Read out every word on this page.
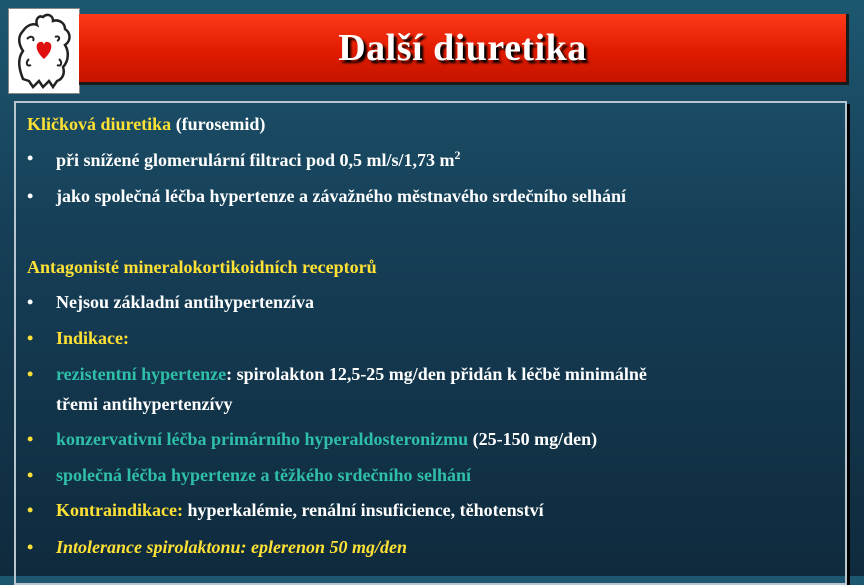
Další diuretika
Kličková diuretika (furosemid)
• při snížené glomerulární filtraci pod 0,5 ml/s/1,73 $m^2$
• jako společná léčba hypertenze a závažného městnavého srdečního selhání
Antagonisté mineralokortikoidních receptorů
• Nejsou základní antihypertenzíva
• Indikace:
• rezistentní hypertenze: spirolakton 12,5-25 mg/den přidán k léčbě minimálně
třemi antihypertenzívy
• konzervativní léčba primárního hyperaldosteronizmu (25-150 mg/den)
• společná léčba hypertenze a těžkého srdečního selhání
• Kontraindikace: hyperkalémie, renální insuficience, těhotenství
• Intolerance spirolaktonu: eplerenon 50 mg/den
